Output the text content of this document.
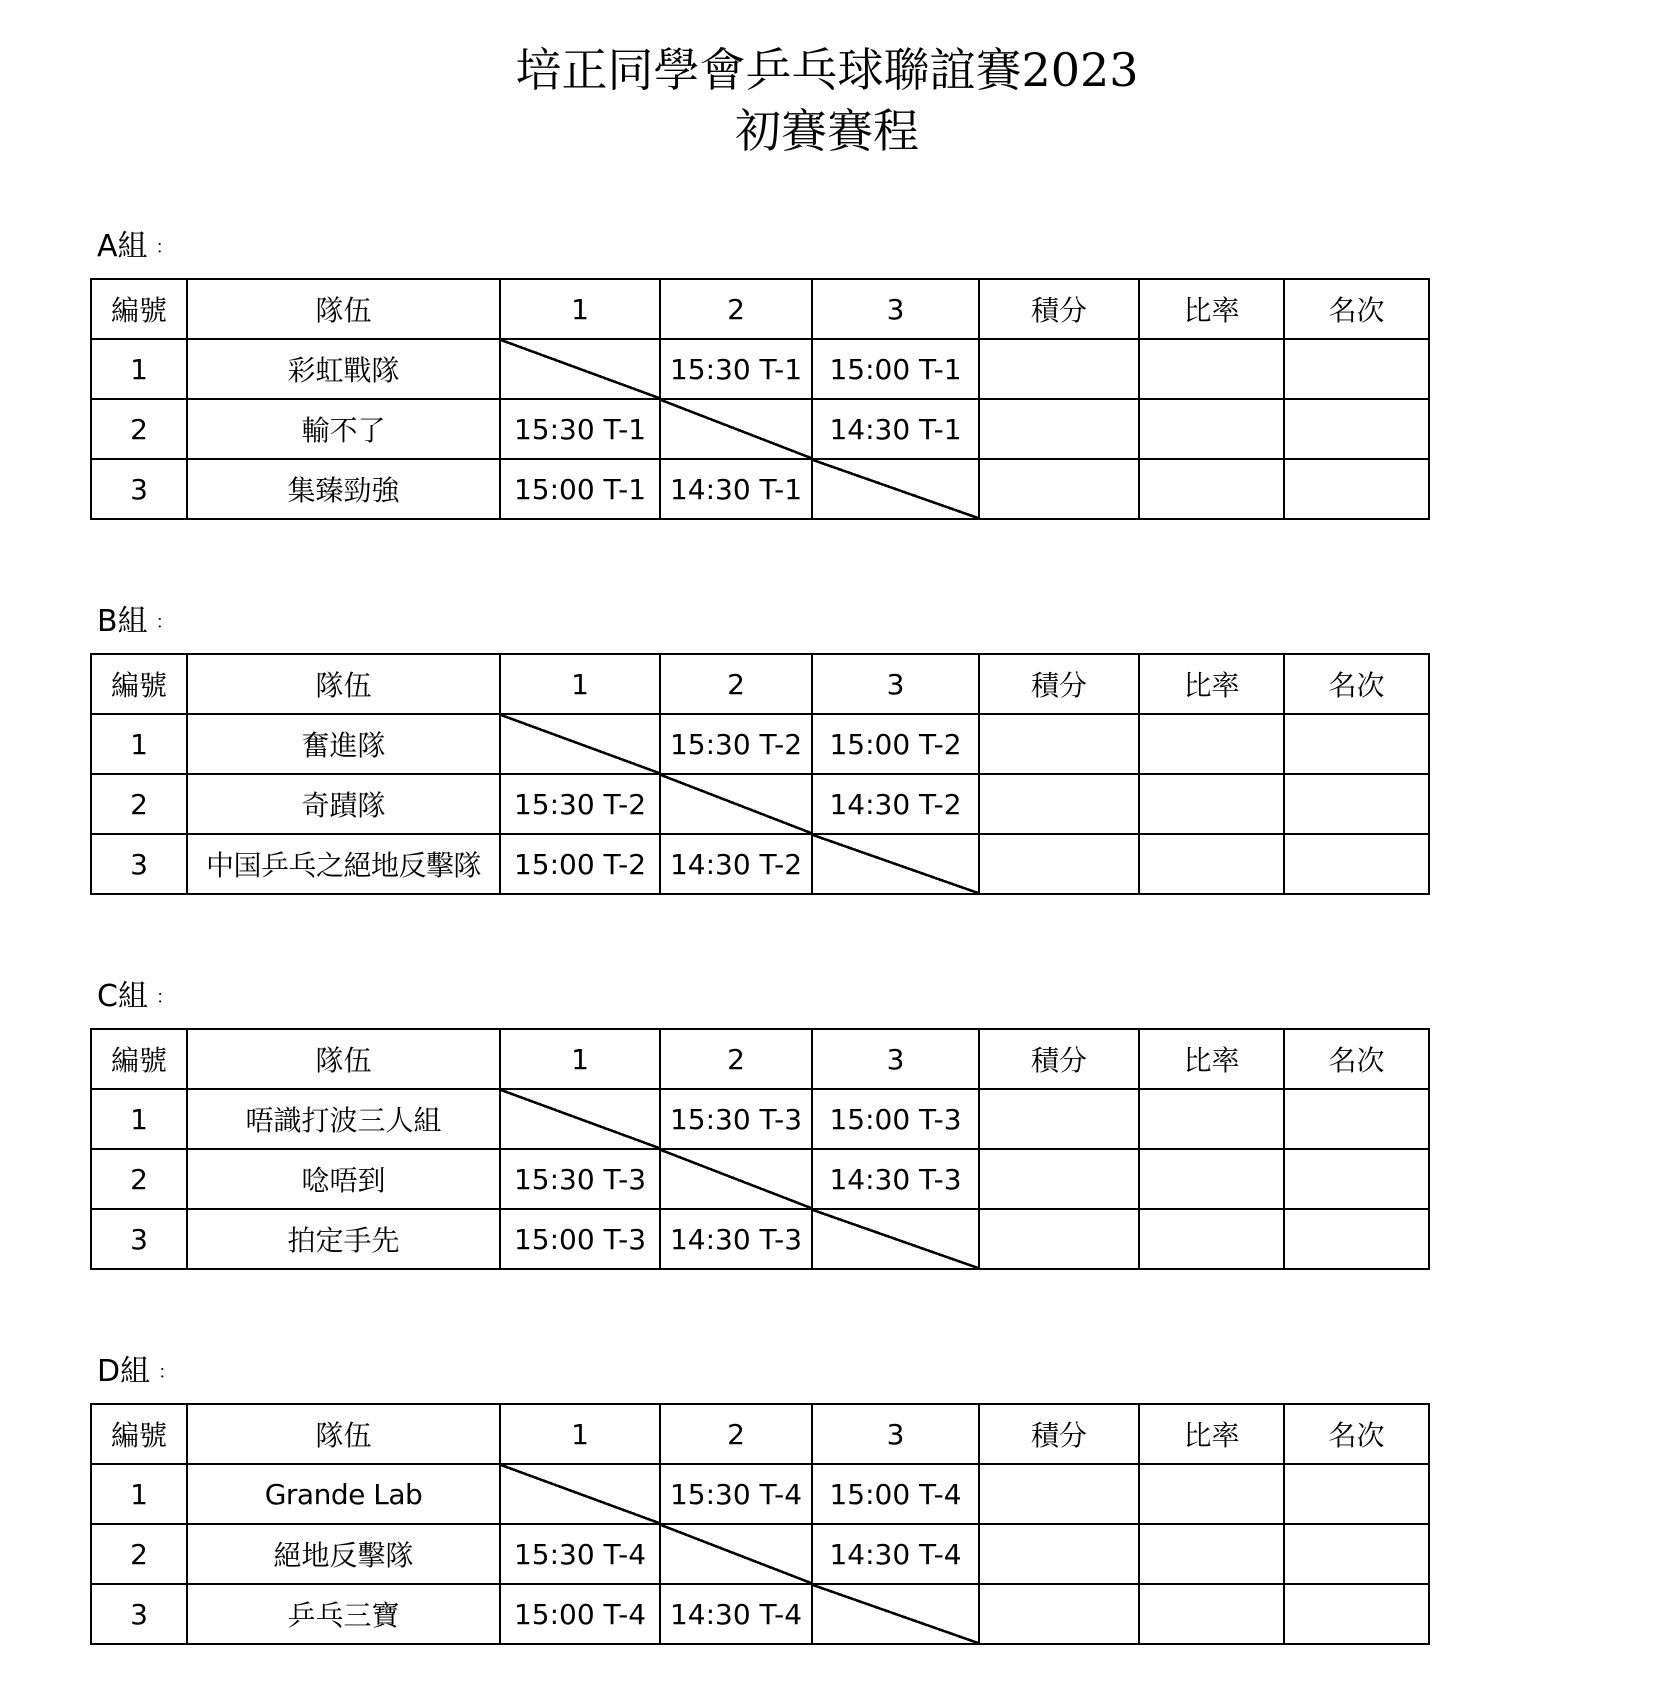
培正同學會乒乓球聯誼賽2023
初賽賽程
A組 ：
編號	隊伍	1	2	3	積分	比率	名次
1	彩虹戰隊		15:30 T-1	15:00 T-1			
2	輸不了	15:30 T-1		14:30 T-1			
3	集臻勁強	15:00 T-1	14:30 T-1				
B組 ：
編號	隊伍	1	2	3	積分	比率	名次
1	奮進隊		15:30 T-2	15:00 T-2			
2	奇蹟隊	15:30 T-2		14:30 T-2			
3	中国乒乓之絕地反擊隊	15:00 T-2	14:30 T-2				
C組 ：
編號	隊伍	1	2	3	積分	比率	名次
1	唔識打波三人組		15:30 T-3	15:00 T-3			
2	唸唔到	15:30 T-3		14:30 T-3			
3	拍定手先	15:00 T-3	14:30 T-3				
D組 ：
編號	隊伍	1	2	3	積分	比率	名次
1	Grande Lab		15:30 T-4	15:00 T-4			
2	絕地反擊隊	15:30 T-4		14:30 T-4			
3	乒乓三寶	15:00 T-4	14:30 T-4				
